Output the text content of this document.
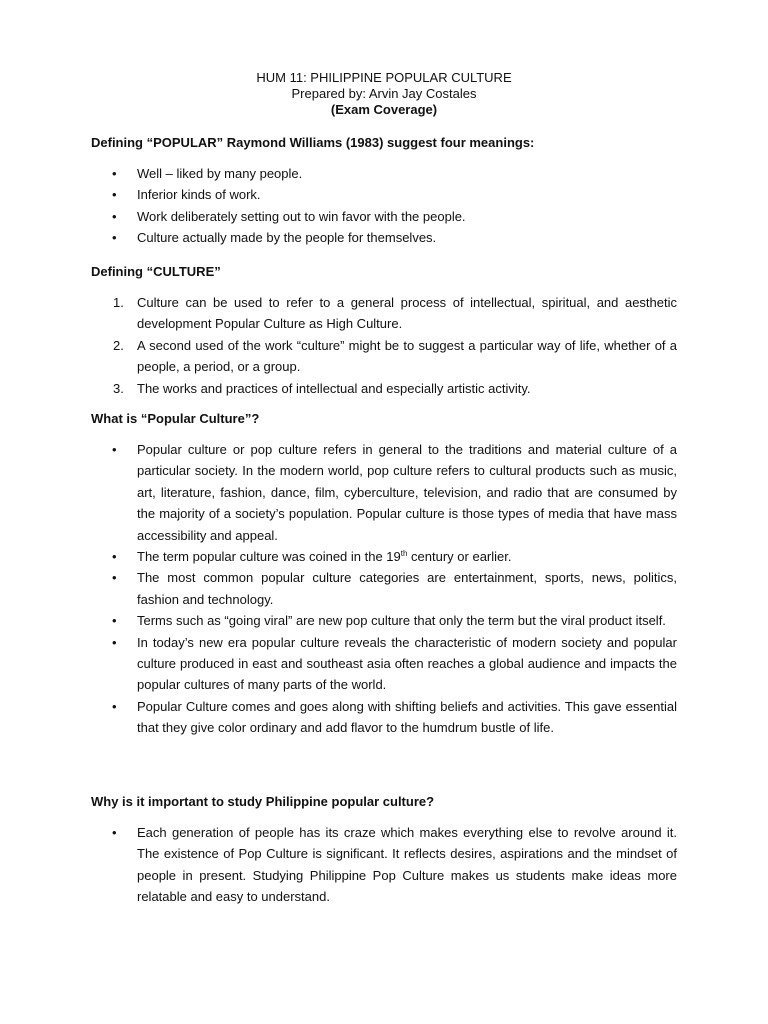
HUM 11: PHILIPPINE POPULAR CULTURE
Prepared by: Arvin Jay Costales
(Exam Coverage)
Defining “POPULAR” Raymond Williams (1983) suggest four meanings:
• Well – liked by many people.
• Inferior kinds of work.
• Work deliberately setting out to win favor with the people.
• Culture actually made by the people for themselves.
Defining “CULTURE”
1. Culture can be used to refer to a general process of intellectual, spiritual, and aesthetic development Popular Culture as High Culture.
2. A second used of the work “culture” might be to suggest a particular way of life, whether of a people, a period, or a group.
3. The works and practices of intellectual and especially artistic activity.
What is “Popular Culture”?
• Popular culture or pop culture refers in general to the traditions and material culture of a particular society. In the modern world, pop culture refers to cultural products such as music, art, literature, fashion, dance, film, cyberculture, television, and radio that are consumed by the majority of a society’s population. Popular culture is those types of media that have mass accessibility and appeal.
• The term popular culture was coined in the 19th century or earlier.
• The most common popular culture categories are entertainment, sports, news, politics, fashion and technology.
• Terms such as “going viral” are new pop culture that only the term but the viral product itself.
• In today’s new era popular culture reveals the characteristic of modern society and popular culture produced in east and southeast asia often reaches a global audience and impacts the popular cultures of many parts of the world.
• Popular Culture comes and goes along with shifting beliefs and activities. This gave essential that they give color ordinary and add flavor to the humdrum bustle of life.
Why is it important to study Philippine popular culture?
• Each generation of people has its craze which makes everything else to revolve around it. The existence of Pop Culture is significant. It reflects desires, aspirations and the mindset of people in present. Studying Philippine Pop Culture makes us students make ideas more relatable and easy to understand.
